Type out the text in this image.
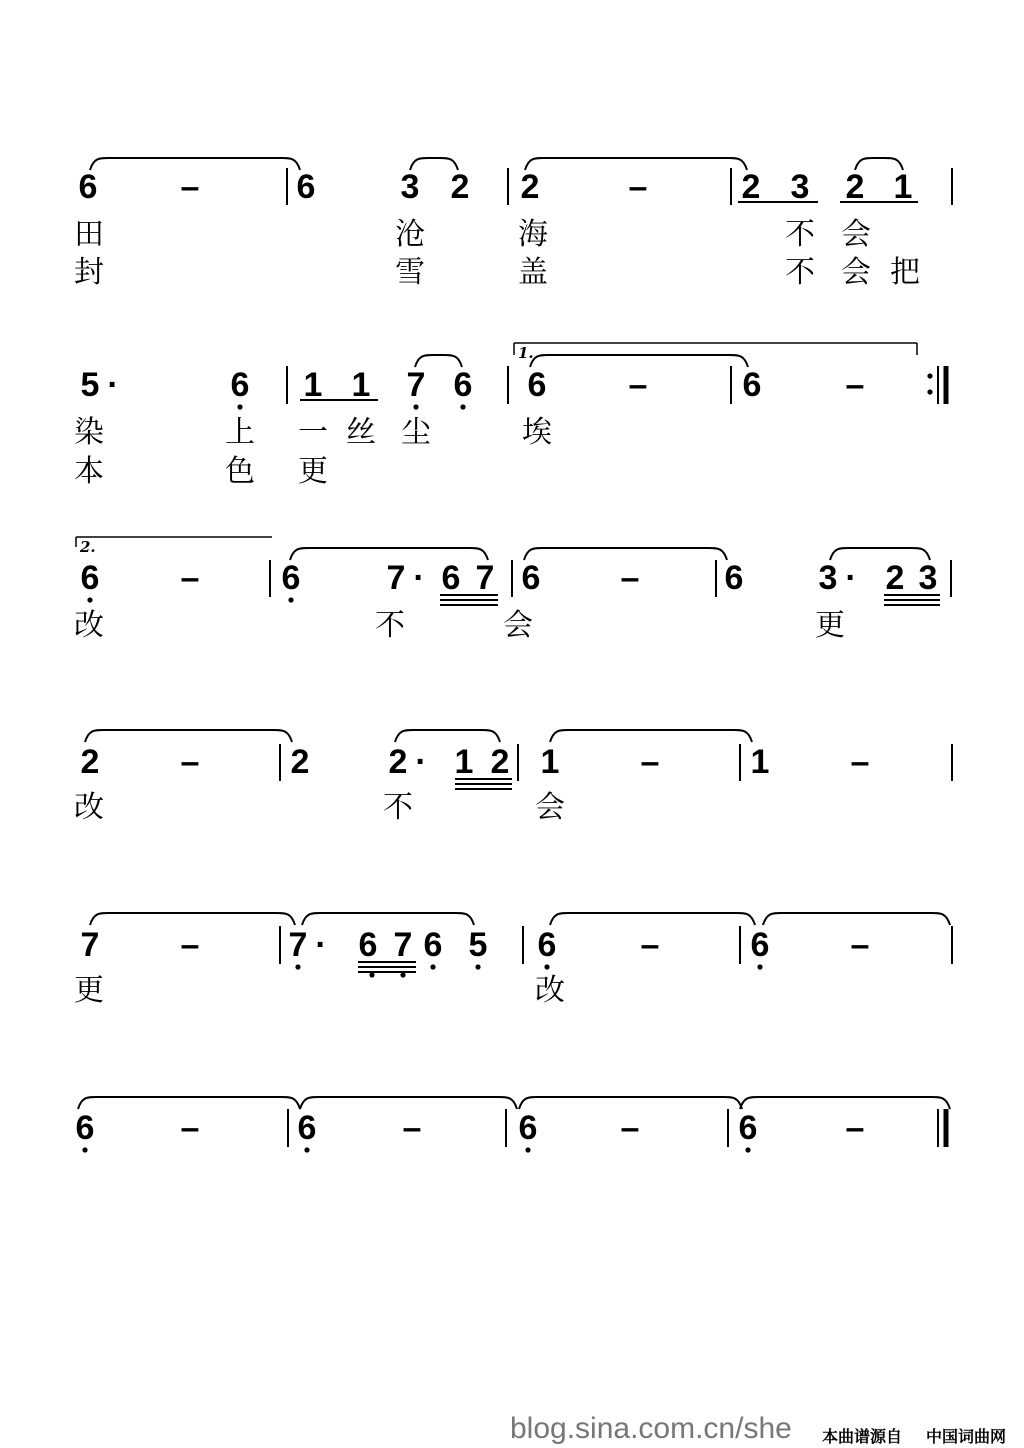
6 –	6	3 2 2	–	2 3 2 1
田	沧	海	不 会
封	雪	盖	不 会 把
5 ·	6 1 1 7 6 6 –	6 –
染	上 一 丝 尘	埃
本	色 更
6 – 6	7 · 6 7 6 –	6 3 · 2 3
改	不	会	更
2 –	2 2 · 1 2 1 –	1 –
改	不	会
7 –	7 · 6 7 6 5 6 –	6 –
更	改
6	–	6	–	6 –	6	–
1.
2.
blog.sina.com.cn/she	本曲谱源自	中国词曲网
